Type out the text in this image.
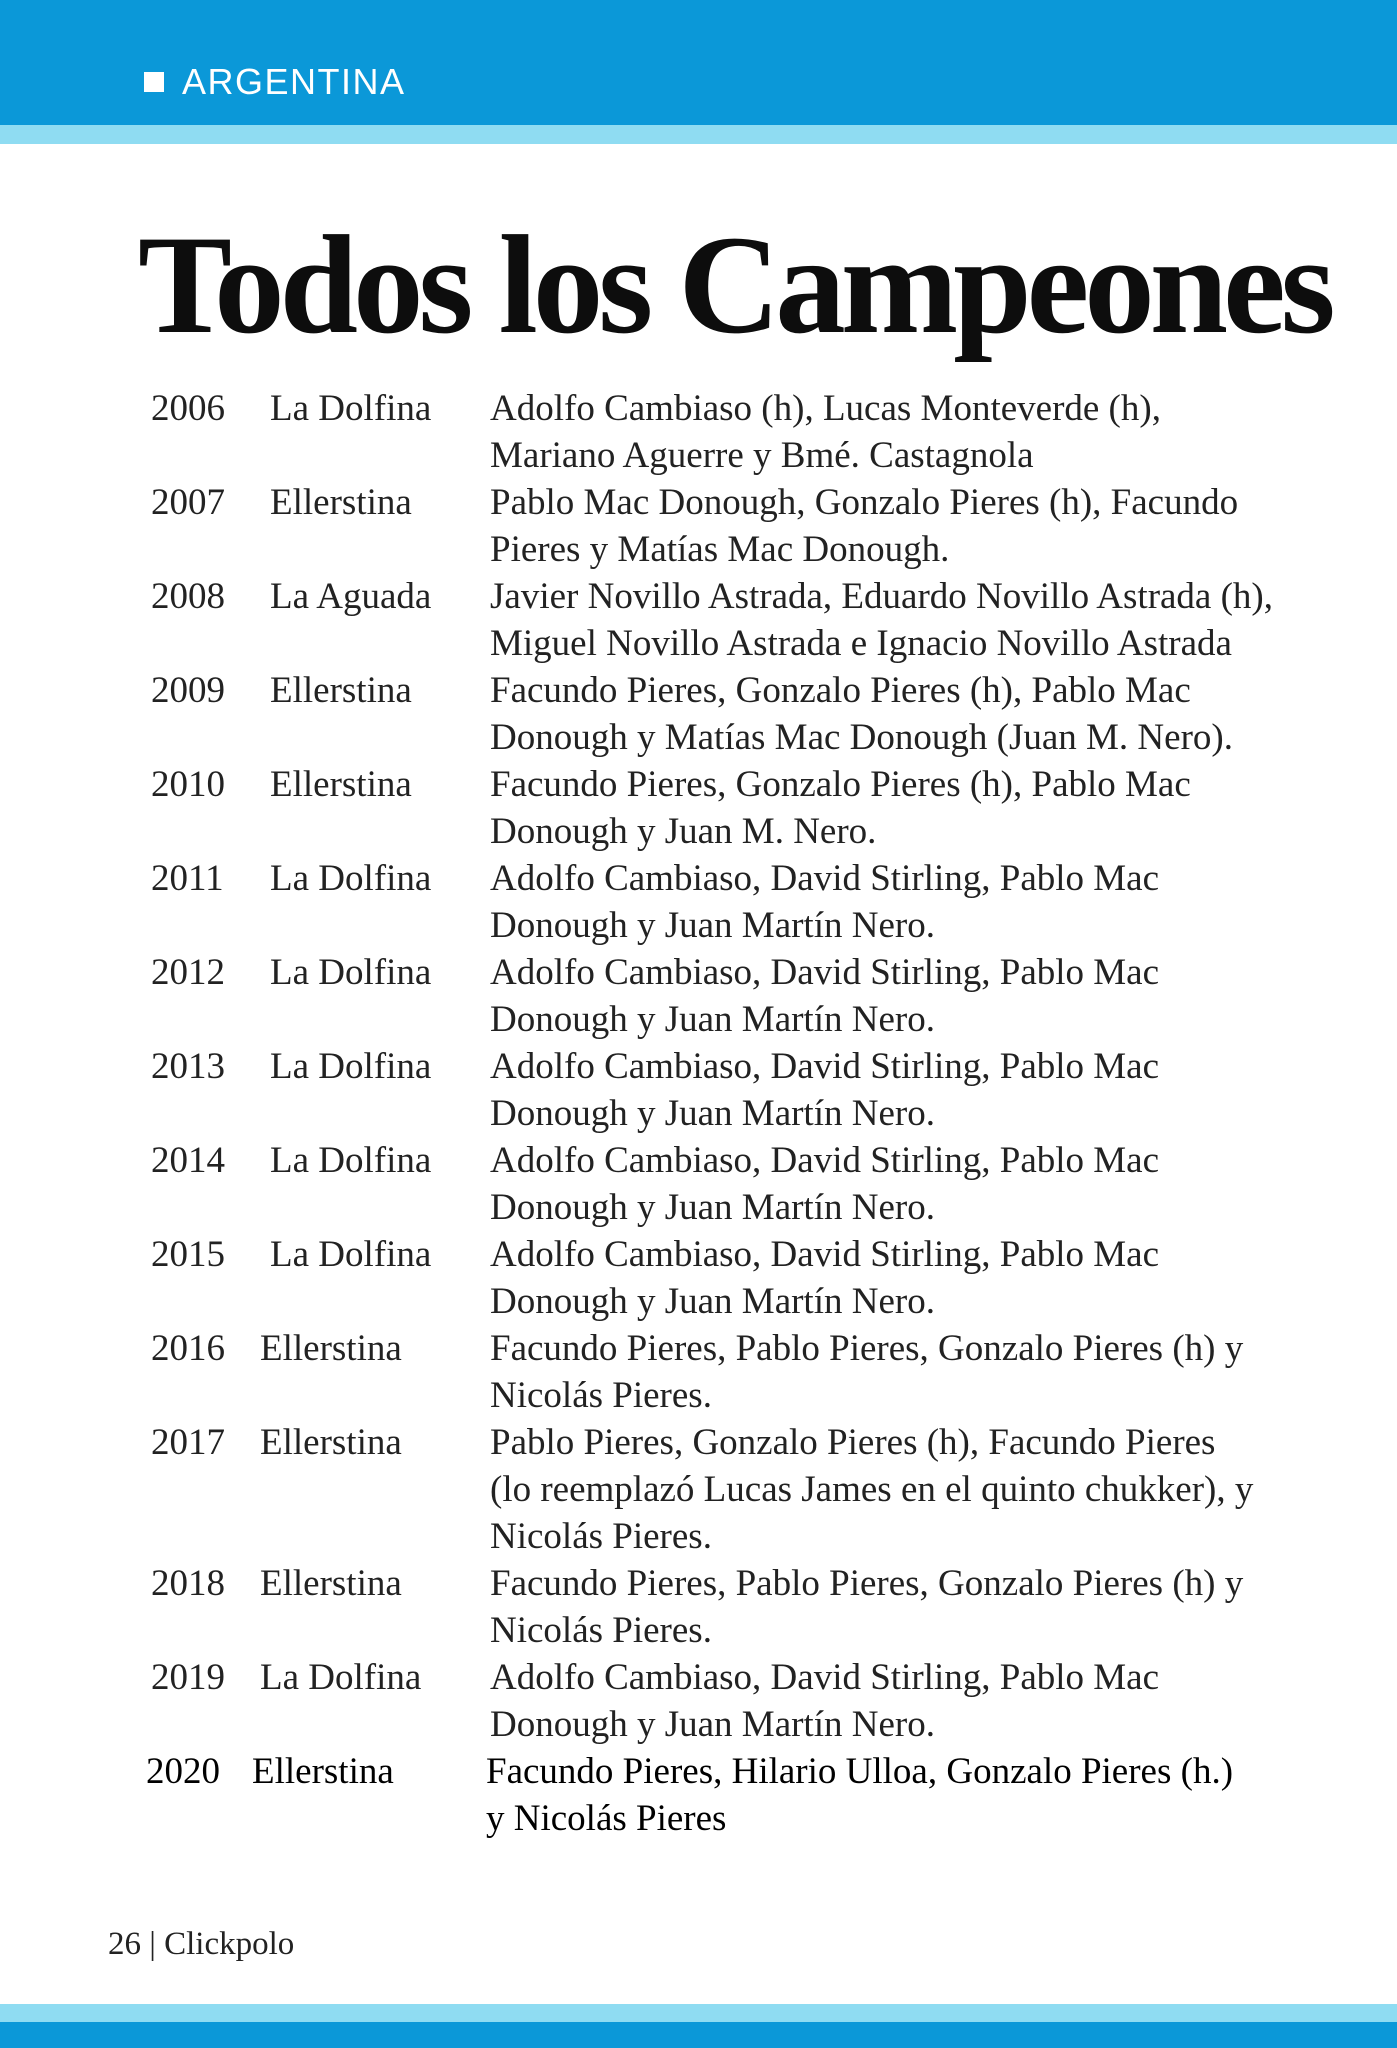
ARGENTINA
Todos los Campeones
2006 La Dolfina Adolfo Cambiaso (h), Lucas Monteverde (h),
Mariano Aguerre y Bmé. Castagnola
2007 Ellerstina Pablo Mac Donough, Gonzalo Pieres (h), Facundo
Pieres y Matías Mac Donough.
2008 La Aguada Javier Novillo Astrada, Eduardo Novillo Astrada (h),
Miguel Novillo Astrada e Ignacio Novillo Astrada
2009 Ellerstina Facundo Pieres, Gonzalo Pieres (h), Pablo Mac
Donough y Matías Mac Donough (Juan M. Nero).
2010 Ellerstina Facundo Pieres, Gonzalo Pieres (h), Pablo Mac
Donough y Juan M. Nero.
2011 La Dolfina Adolfo Cambiaso, David Stirling, Pablo Mac
Donough y Juan Martín Nero.
2012 La Dolfina Adolfo Cambiaso, David Stirling, Pablo Mac
Donough y Juan Martín Nero.
2013 La Dolfina Adolfo Cambiaso, David Stirling, Pablo Mac
Donough y Juan Martín Nero.
2014 La Dolfina Adolfo Cambiaso, David Stirling, Pablo Mac
Donough y Juan Martín Nero.
2015 La Dolfina Adolfo Cambiaso, David Stirling, Pablo Mac
Donough y Juan Martín Nero.
2016 Ellerstina Facundo Pieres, Pablo Pieres, Gonzalo Pieres (h) y
Nicolás Pieres.
2017 Ellerstina Pablo Pieres, Gonzalo Pieres (h), Facundo Pieres
(lo reemplazó Lucas James en el quinto chukker), y
Nicolás Pieres.
2018 Ellerstina Facundo Pieres, Pablo Pieres, Gonzalo Pieres (h) y
Nicolás Pieres.
2019 La Dolfina Adolfo Cambiaso, David Stirling, Pablo Mac
Donough y Juan Martín Nero.
2020 Ellerstina Facundo Pieres, Hilario Ulloa, Gonzalo Pieres (h.)
y Nicolás Pieres
26 | Clickpolo
